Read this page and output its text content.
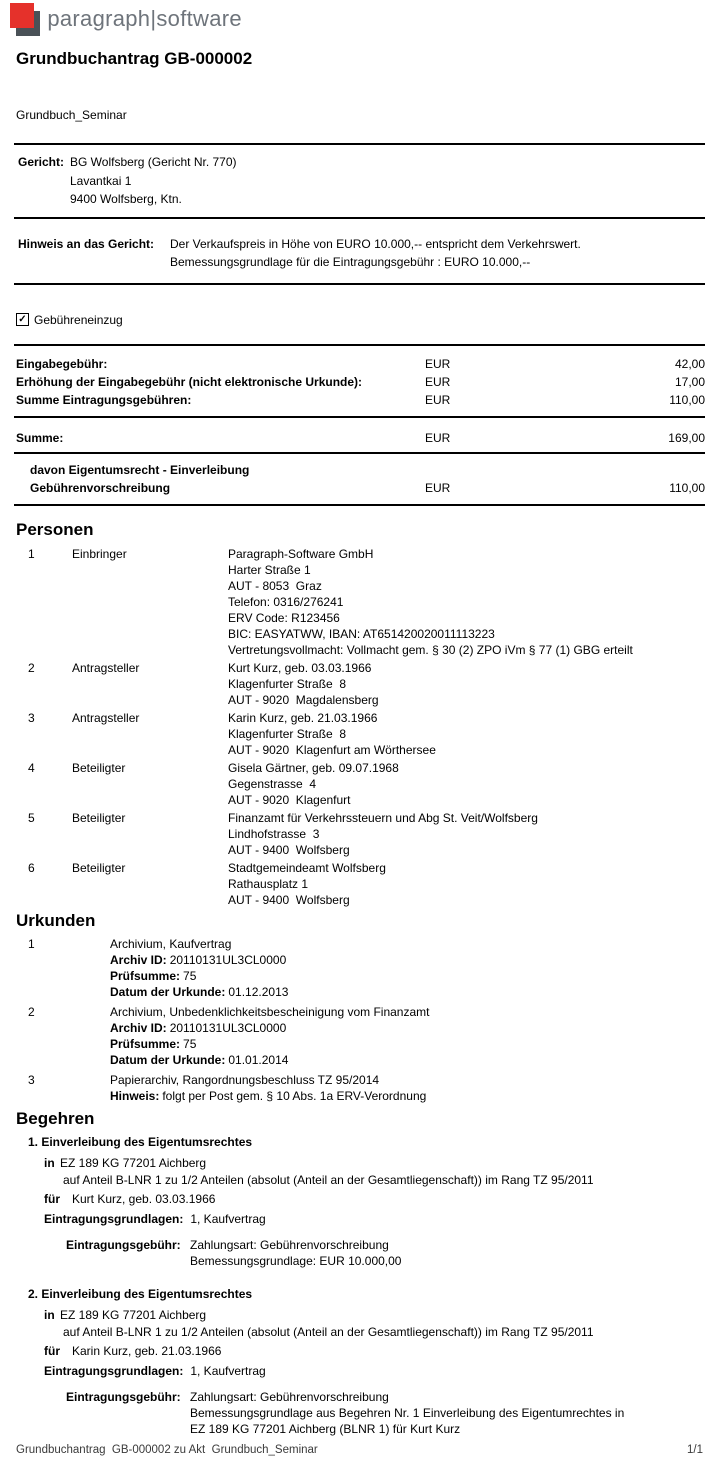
paragraph|software
Grundbuchantrag GB-000002
Grundbuch_Seminar
Gericht: BG Wolfsberg (Gericht Nr. 770)
Lavantkai 1
9400 Wolfsberg, Ktn.
Hinweis an das Gericht:	Der Verkaufspreis in Höhe von EURO 10.000,-- entspricht dem Verkehrswert.
Bemessungsgrundlage für die Eintragungsgebühr : EURO 10.000,--
✓ Gebühreneinzug
Eingabegebühr:	EUR	42,00
Erhöhung der Eingabegebühr (nicht elektronische Urkunde):	EUR	17,00
Summe Eintragungsgebühren:	EUR	110,00
Summe:	EUR	169,00
davon Eigentumsrecht - Einverleibung
Gebührenvorschreibung	EUR	110,00
Personen
1	Einbringer	Paragraph-Software GmbH
Harter Straße 1
AUT - 8053  Graz
Telefon: 0316/276241
ERV Code: R123456
BIC: EASYATWW, IBAN: AT651420020011113223
Vertretungsvollmacht: Vollmacht gem. § 30 (2) ZPO iVm § 77 (1) GBG erteilt
2	Antragsteller	Kurt Kurz, geb. 03.03.1966
Klagenfurter Straße  8
AUT - 9020  Magdalensberg
3	Antragsteller	Karin Kurz, geb. 21.03.1966
Klagenfurter Straße  8
AUT - 9020  Klagenfurt am Wörthersee
4	Beteiligter	Gisela Gärtner, geb. 09.07.1968
Gegenstrasse  4
AUT - 9020  Klagenfurt
5	Beteiligter	Finanzamt für Verkehrssteuern und Abg St. Veit/Wolfsberg
Lindhofstrasse  3
AUT - 9400  Wolfsberg
6	Beteiligter	Stadtgemeindeamt Wolfsberg
Rathausplatz 1
AUT - 9400  Wolfsberg
Urkunden
1	Archivium, Kaufvertrag
Archiv ID: 20110131UL3CL0000
Prüfsumme: 75
Datum der Urkunde: 01.12.2013
2	Archivium, Unbedenklichkeitsbescheinigung vom Finanzamt
Archiv ID: 20110131UL3CL0000
Prüfsumme: 75
Datum der Urkunde: 01.01.2014
3	Papierarchiv, Rangordnungsbeschluss TZ 95/2014
Hinweis: folgt per Post gem. § 10 Abs. 1a ERV-Verordnung
Begehren
1. Einverleibung des Eigentumsrechtes
in EZ 189 KG 77201 Aichberg
auf Anteil B-LNR 1 zu 1/2 Anteilen (absolut (Anteil an der Gesamtliegenschaft)) im Rang TZ 95/2011
für Kurt Kurz, geb. 03.03.1966
Eintragungsgrundlagen: 1, Kaufvertrag
Eintragungsgebühr: Zahlungsart: Gebührenvorschreibung
Bemessungsgrundlage: EUR 10.000,00
2. Einverleibung des Eigentumsrechtes
in EZ 189 KG 77201 Aichberg
auf Anteil B-LNR 1 zu 1/2 Anteilen (absolut (Anteil an der Gesamtliegenschaft)) im Rang TZ 95/2011
für Karin Kurz, geb. 21.03.1966
Eintragungsgrundlagen: 1, Kaufvertrag
Eintragungsgebühr: Zahlungsart: Gebührenvorschreibung
Bemessungsgrundlage aus Begehren Nr. 1 Einverleibung des Eigentumrechtes in
EZ 189 KG 77201 Aichberg (BLNR 1) für Kurt Kurz
Grundbuchantrag  GB-000002 zu Akt  Grundbuch_Seminar	1/1
